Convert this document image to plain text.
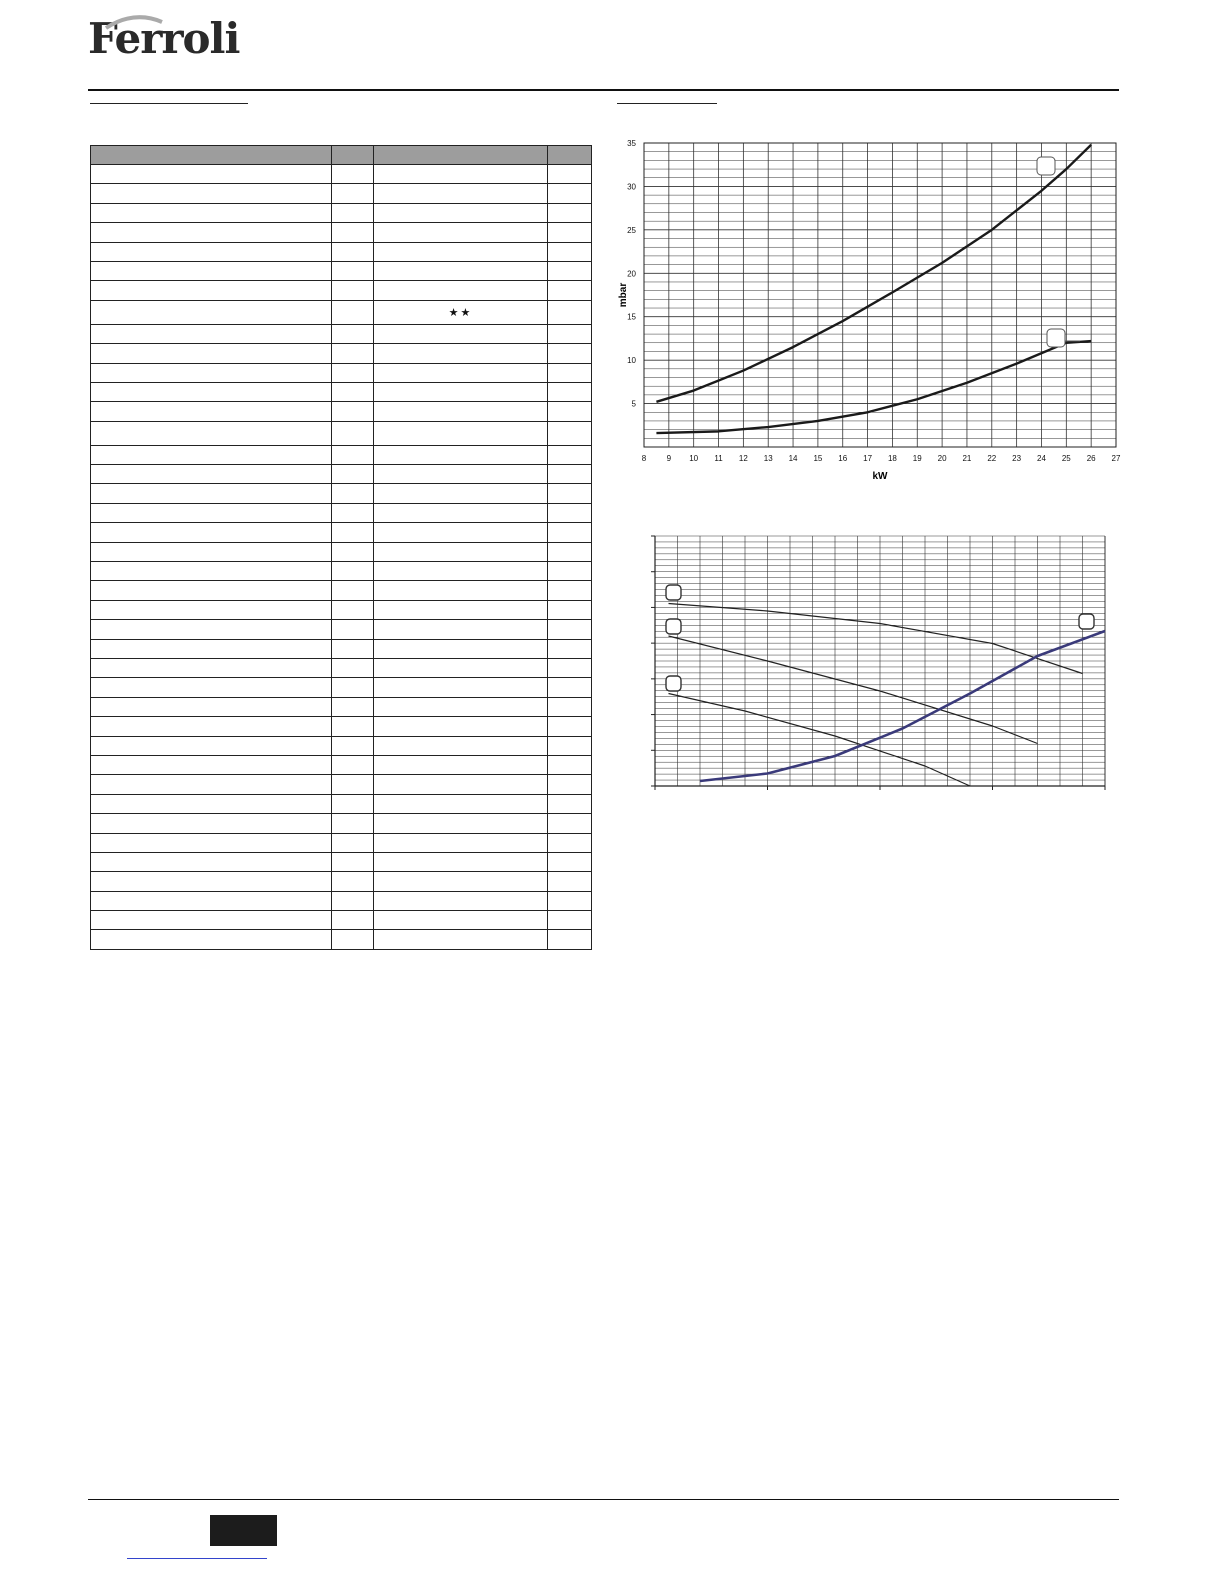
Ferroli

		★★	

8	9 10 11 12 13 14 15 16 17 18 19 20 21 22 23 24 25 26 27
5
10
15
20
25
30
35
kW
mbar
